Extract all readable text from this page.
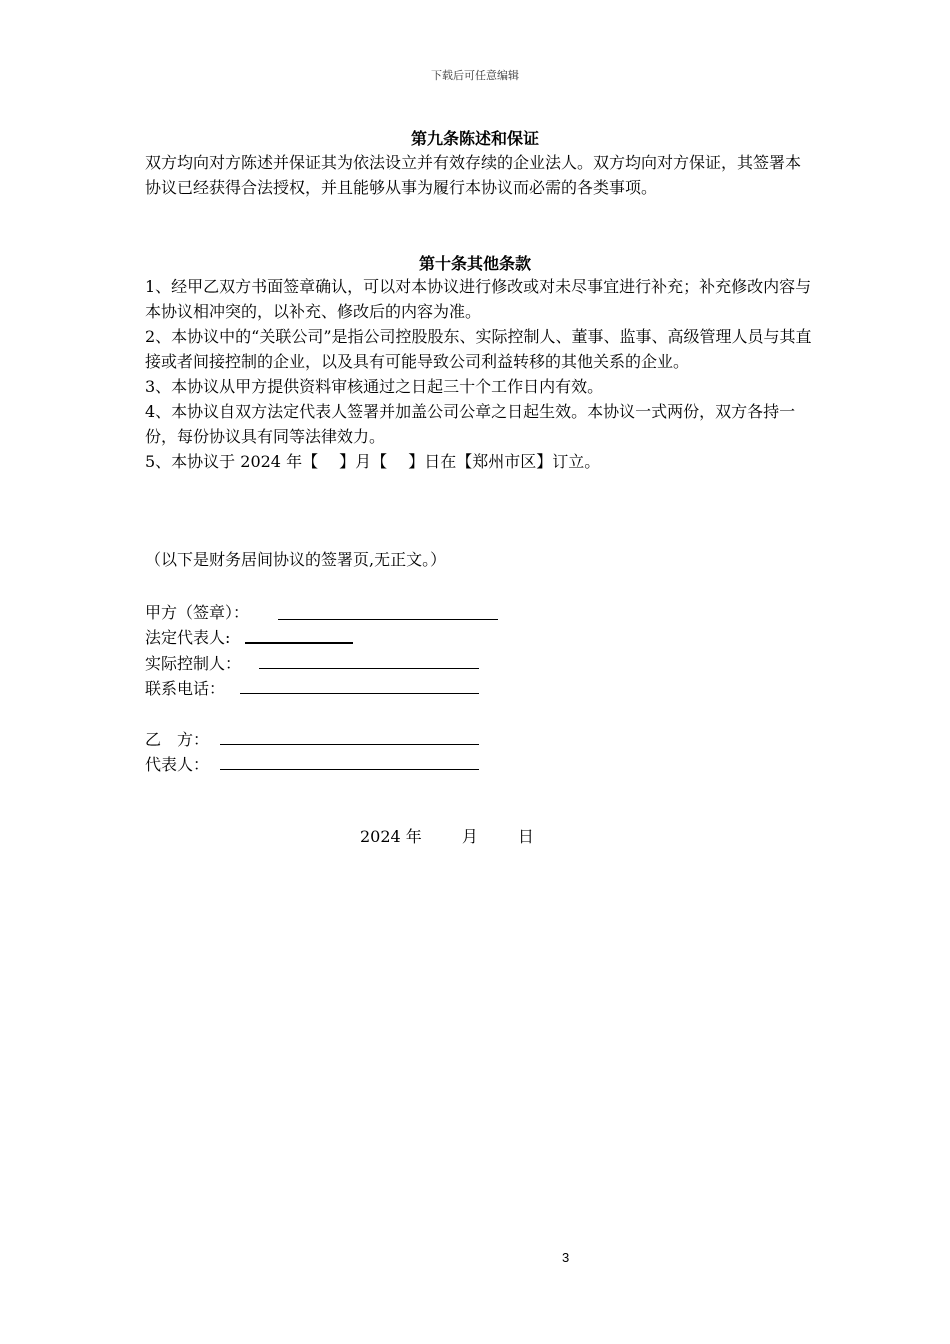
下载后可任意编辑
第九条陈述和保证
双方均向对方陈述并保证其为依法设立并有效存续的企业法人。双方均向对方保证，其签署本协议已经获得合法授权，并且能够从事为履行本协议而必需的各类事项。
第十条其他条款
1、经甲乙双方书面签章确认，可以对本协议进行修改或对未尽事宜进行补充；补充修改内容与本协议相冲突的，以补充、修改后的内容为准。
2、本协议中的“关联公司”是指公司控股股东、实际控制人、董事、监事、高级管理人员与其直接或者间接控制的企业，以及具有可能导致公司利益转移的其他关系的企业。
3、本协议从甲方提供资料审核通过之日起三十个工作日内有效。
4、本协议自双方法定代表人签署并加盖公司公章之日起生效。本协议一式两份，双方各持一份，每份协议具有同等法律效力。
5、本协议于 2024 年【　 】月【　 】日在【郑州市区】订立。
（以下是财务居间协议的签署页,无正文。）
甲方（签章）：
法定代表人:
实际控制人：
联系电话：
乙　方：
代表人：
2024 年	月	日
3
